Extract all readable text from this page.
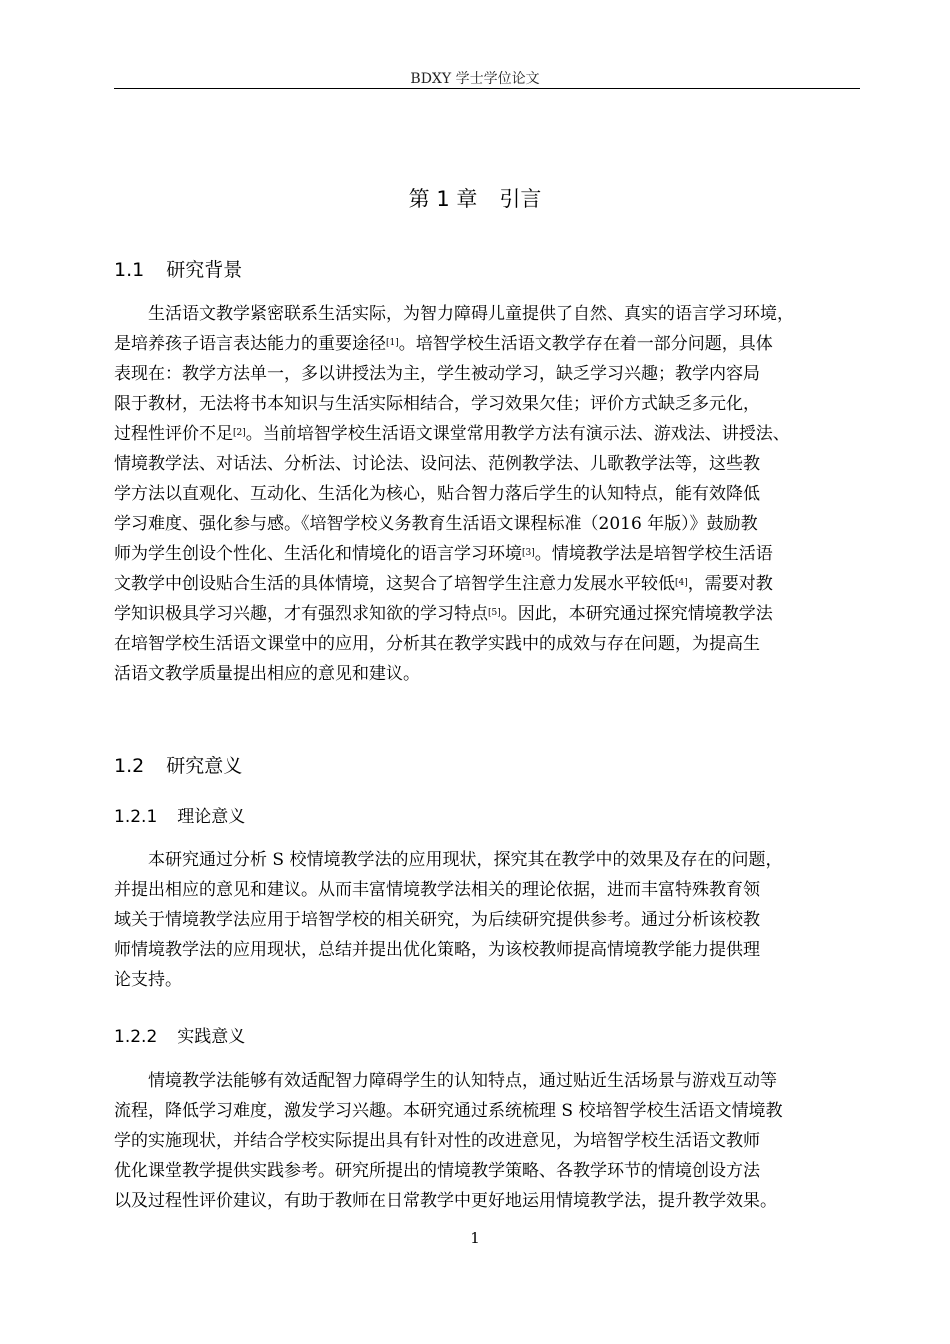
BDXY 学士学位论文
第 1 章 引言
1.1 研究背景
生活语文教学紧密联系生活实际，为智力障碍儿童提供了自然、真实的语言学习环境，
是培养孩子语言表达能力的重要途径[1]。培智学校生活语文教学存在着一部分问题，具体
表现在：教学方法单一，多以讲授法为主，学生被动学习，缺乏学习兴趣；教学内容局
限于教材，无法将书本知识与生活实际相结合，学习效果欠佳；评价方式缺乏多元化，
过程性评价不足[2]。当前培智学校生活语文课堂常用教学方法有演示法、游戏法、讲授法、
情境教学法、对话法、分析法、讨论法、设问法、范例教学法、儿歌教学法等，这些教
学方法以直观化、互动化、生活化为核心，贴合智力落后学生的认知特点，能有效降低
学习难度、强化参与感。《培智学校义务教育生活语文课程标准（2016 年版）》鼓励教
师为学生创设个性化、生活化和情境化的语言学习环境[3]。情境教学法是培智学校生活语
文教学中创设贴合生活的具体情境，这契合了培智学生注意力发展水平较低[4]，需要对教
学知识极具学习兴趣，才有强烈求知欲的学习特点[5]。因此，本研究通过探究情境教学法
在培智学校生活语文课堂中的应用，分析其在教学实践中的成效与存在问题，为提高生
活语文教学质量提出相应的意见和建议。
1.2 研究意义
1.2.1 理论意义
本研究通过分析 S 校情境教学法的应用现状，探究其在教学中的效果及存在的问题，
并提出相应的意见和建议。从而丰富情境教学法相关的理论依据，进而丰富特殊教育领
域关于情境教学法应用于培智学校的相关研究，为后续研究提供参考。通过分析该校教
师情境教学法的应用现状，总结并提出优化策略，为该校教师提高情境教学能力提供理
论支持。
1.2.2 实践意义
情境教学法能够有效适配智力障碍学生的认知特点，通过贴近生活场景与游戏互动等
流程，降低学习难度，激发学习兴趣。本研究通过系统梳理 S 校培智学校生活语文情境教
学的实施现状，并结合学校实际提出具有针对性的改进意见，为培智学校生活语文教师
优化课堂教学提供实践参考。研究所提出的情境教学策略、各教学环节的情境创设方法
以及过程性评价建议，有助于教师在日常教学中更好地运用情境教学法，提升教学效果。
1
